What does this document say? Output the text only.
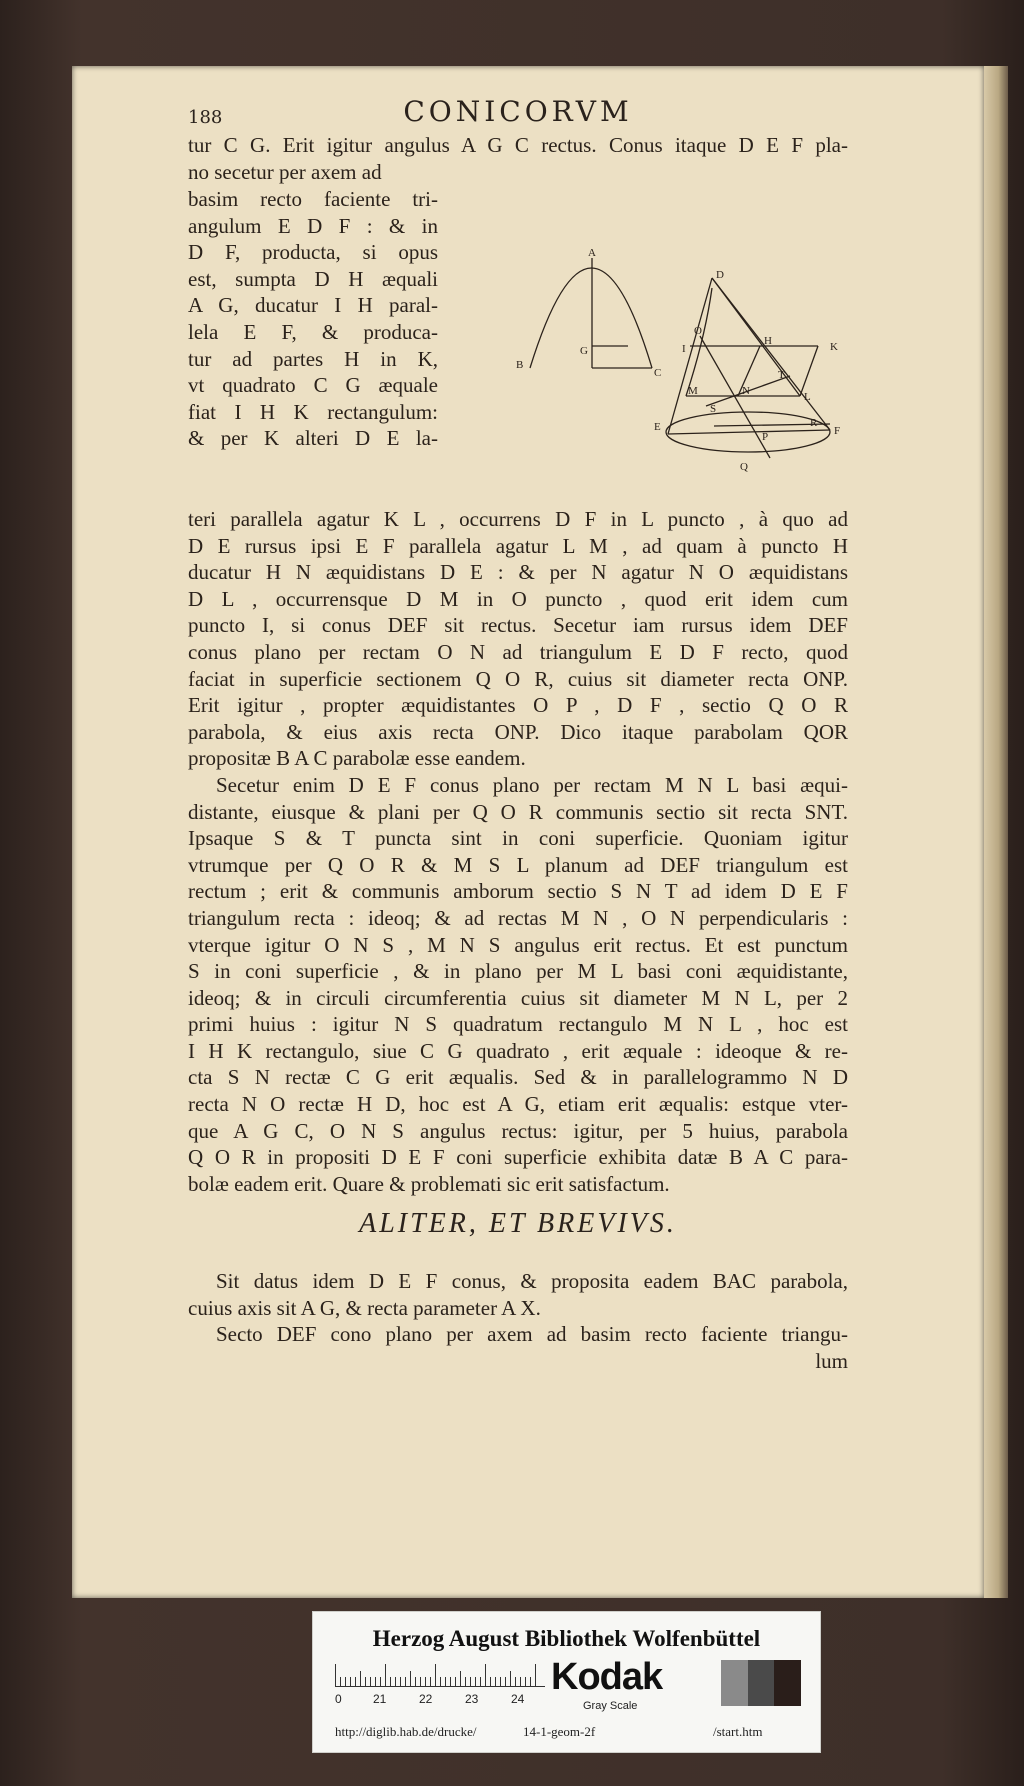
188	CONICORVM
tur C G. Erit igitur angulus A G C rectus. Conus itaque D E F pla-
no secetur per axem ad
basim recto faciente tri-
angulum E D F : & in
D F, producta, si opus
est, sumpta D H æquali
A G, ducatur I H paral-
lela E F, & produca-
tur ad partes H in K,
vt quadrato C G æquale
fiat I H K rectangulum:
& per K alteri D E la-
A
B
G
C
D
O
I
H	K
M	N
T
L
S
E
P
R
F
Q
teri parallela agatur K L , occurrens D F in L puncto , à quo ad
D E rursus ipsi E F parallela agatur L M , ad quam à puncto H
ducatur H N æquidistans D E : & per N agatur N O æquidistans
D L , occurrensque D M in O puncto , quod erit idem cum
puncto I, si conus DEF sit rectus. Secetur iam rursus idem DEF
conus plano per rectam O N ad triangulum E D F recto, quod
faciat in superficie sectionem Q O R, cuius sit diameter recta ONP.
Erit igitur , propter æquidistantes O P , D F , sectio Q O R
parabola, & eius axis recta ONP. Dico itaque parabolam QOR
propositæ B A C parabolæ esse eandem.
Secetur enim D E F conus plano per rectam M N L basi æqui-
distante, eiusque & plani per Q O R communis sectio sit recta SNT.
Ipsaque S & T puncta sint in coni superficie. Quoniam igitur
vtrumque per Q O R & M S L planum ad DEF triangulum est
rectum ; erit & communis amborum sectio S N T ad idem D E F
triangulum recta : ideoq; & ad rectas M N , O N perpendicularis :
vterque igitur O N S , M N S angulus erit rectus. Et est punctum
S in coni superficie , & in plano per M L basi coni æquidistante,
ideoq; & in circuli circumferentia cuius sit diameter M N L, per 2
primi huius : igitur N S quadratum rectangulo M N L , hoc est
I H K rectangulo, siue C G quadrato , erit æquale : ideoque & re-
cta S N rectæ C G erit æqualis. Sed & in parallelogrammo N D
recta N O rectæ H D, hoc est A G, etiam erit æqualis: estque vter-
que A G C, O N S angulus rectus: igitur, per 5 huius, parabola
Q O R in propositi D E F coni superficie exhibita datæ B A C para-
bolæ eadem erit. Quare & problemati sic erit satisfactum.
ALITER, ET BREVIVS.
Sit datus idem D E F conus, & proposita eadem BAC parabola,
cuius axis sit A G, & recta parameter A X.
Secto DEF cono plano per axem ad basim recto faciente triangu-
lum
Herzog August Bibliothek Wolfenbüttel
0	21	22	23	24
Kodak
Gray Scale
http://diglib.hab.de/drucke/	14-1-geom-2f	/start.htm
